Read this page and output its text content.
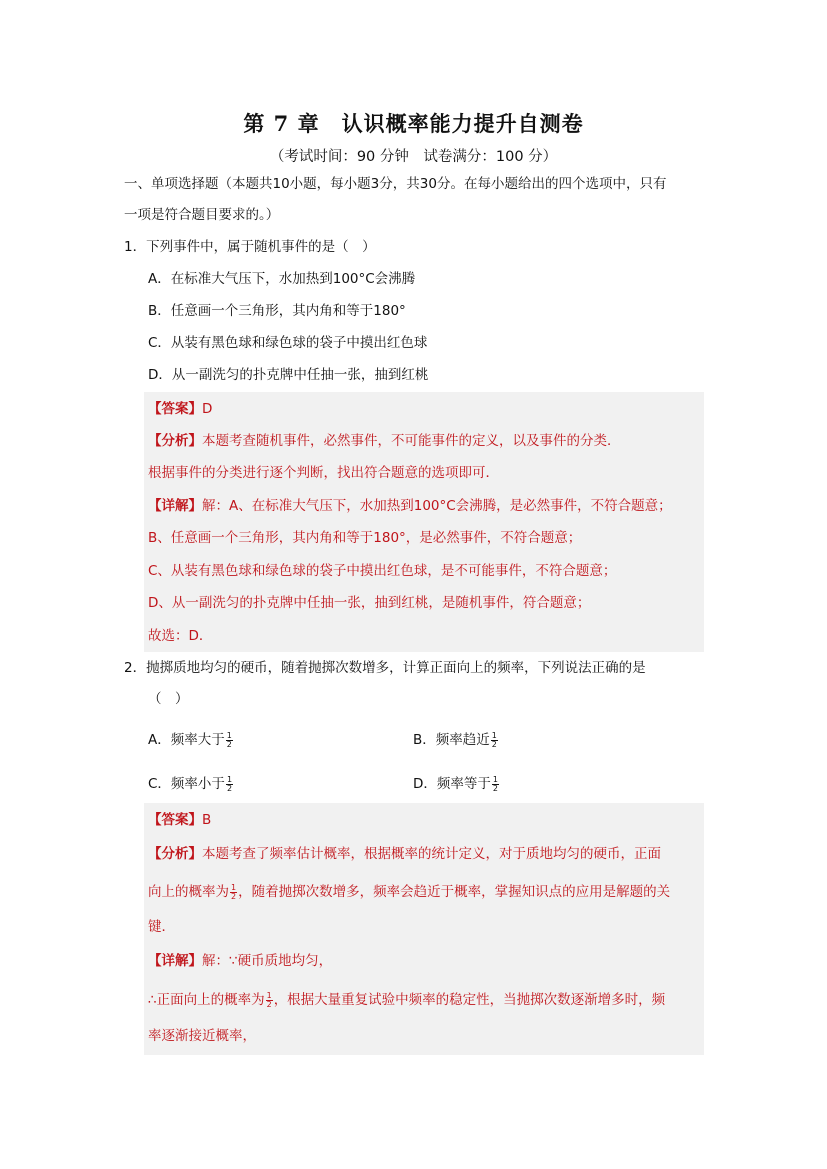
第 7 章　认识概率能力提升自测卷
（考试时间：90 分钟　试卷满分：100 分）
一、单项选择题（本题共10小题，每小题3分，共30分。在每小题给出的四个选项中，只有
一项是符合题目要求的。）
1．下列事件中，属于随机事件的是（　）
A．在标准大气压下，水加热到100°C会沸腾
B．任意画一个三角形，其内角和等于180°
C．从装有黑色球和绿色球的袋子中摸出红色球
D．从一副洗匀的扑克牌中任抽一张，抽到红桃
【答案】D
【分析】本题考查随机事件，必然事件，不可能事件的定义，以及事件的分类．
根据事件的分类进行逐个判断，找出符合题意的选项即可．
【详解】解：A、在标准大气压下，水加热到100°C会沸腾，是必然事件，不符合题意；
B、任意画一个三角形，其内角和等于180°，是必然事件，不符合题意；
C、从装有黑色球和绿色球的袋子中摸出红色球，是不可能事件，不符合题意；
D、从一副洗匀的扑克牌中任抽一张，抽到红桃，是随机事件，符合题意；
故选：D．
2．抛掷质地均匀的硬币，随着抛掷次数增多，计算正面向上的频率，下列说法正确的是
（　）
A．频率大于 $\frac{1}{2}$	B．频率趋近 $\frac{1}{2}$
C．频率小于 $\frac{1}{2}$	D．频率等于 $\frac{1}{2}$
【答案】B
【分析】本题考查了频率估计概率，根据概率的统计定义，对于质地均匀的硬币，正面
向上的概率为 $\frac{1}{2}$ ，随着抛掷次数增多，频率会趋近于概率，掌握知识点的应用是解题的关
键．
【详解】解：∵硬币质地均匀，
∴正面向上的概率为 $\frac{1}{2}$ ，根据大量重复试验中频率的稳定性，当抛掷次数逐渐增多时，频
率逐渐接近概率，
